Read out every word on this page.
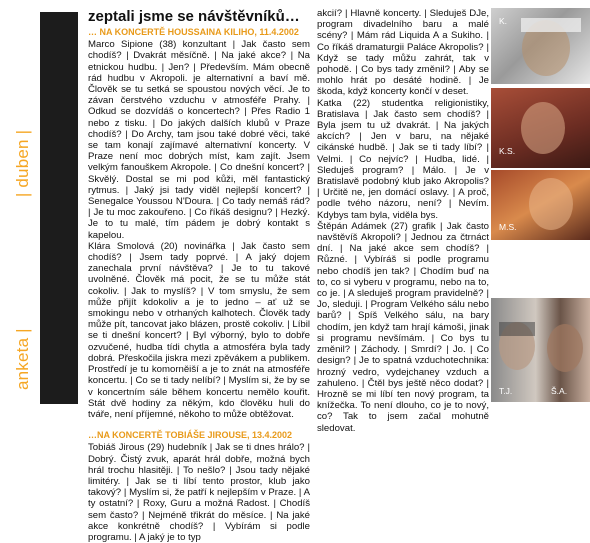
anketa | a few questions | duben | april
zeptali jsme se návštěvníků…
… NA KONCERTĚ HOUSSAINA KILIHO, 11.4.2002

Marco Sipione (38) konzultant | Jak často sem chodíš? | Dvakrát měsíčně. | Na jaké akce? | Na etnickou hudbu. | Jen? | Především. Mám obecně rád hudbu v Akropoli. je alternativní a baví mě. Člověk se tu setká se spoustou nových věcí. Je to závan čerstvého vzduchu v atmosféře Prahy. | Odkud se dozvídáš o koncertech? | Přes Radio 1 nebo z tisku. | Do jakých dalších klubů v Praze chodíš? | Do Archy, tam jsou také dobré věci, také se tam konají zajímavé alternativní koncerty. V Praze není moc dobrých míst, kam zajít. Jsem velkým fanouškem Akropole. | Co dnešní koncert? | Skvělý. Dostal se mi pod kůži, měl fantastický rytmus. | Jaký jsi tady viděl nejlepší koncert? | Senegalce Youssou N'Doura. | Co tady nemáš rád? | Je tu moc zakouřeno. | Co říkáš designu? | Hezký. Je to tu malé, tím pádem je dobrý kontakt s kapelou.
Klára Smolová (20) novinářka | Jak často sem chodíš? | Jsem tady poprvé. | A jaký dojem zanechala první návštěva? | Je to tu takové uvolněné. Člověk má pocit, že se tu může stát cokoliv. | Jak to myslíš? | V tom smyslu, že sem může přijít kdokoliv a je to jedno – ať už se smokingu nebo v otrhaných kalhotech. Člověk tady může pít, tancovat jako blázen, prostě cokoliv. | Líbil se ti dnešní koncert? | Byl výborný, bylo to dobře ozvučené, hudba tídi chytla a atmosféra byla tady dobrá. Přeskočila jiskra mezi zpěvákem a publikem. Prostředí je tu komorněiší a je to znát na atmosféře koncertu. | Co se ti tady nelíbí? | Myslím si, že by se v koncertním sále během koncertu nemělo kouřit. Stát dvě hodiny za někým, kdo člověku huli do tváře, není příjemné, někoho to může obtěžovat.

…NA KONCERTĚ TOBIÁŠE JIROUSE, 13.4.2002

Tobiáš Jirous (29) hudebník | Jak se ti dnes hrálo? | Dobrý. Čistý zvuk, aparát hrál dobře, možná bych hrál trochu hlasitěji. | To nešlo? | Jsou tady nějaké limitéry. | Jak se ti líbí tento prostor, klub jako takový? | Myslím si, že patří k nejlepším v Praze. | A ty ostatní? | Roxy, Guru a možná Radost. | Chodíš sem často? | Nejméně třikrát do měsíce. | Na jaké akce konkrétně chodíš? | Vybírám si podle programu. | A jaký je to typ

akcií? | Hlavně koncerty. | Sleduješ DJe, program divadelního baru a malé scény? | Mám rád Liquida A a Sukiho. | Co říkáš dramaturgii Paláce Akropolis? | Když se tady můžu zahrát, tak v pohodě. | Co bys tady změnil? | Aby se mohlo hrát po desáté hodině. | Je škoda, když koncerty končí v deset.
Katka (22) studentka religionistiky, Bratislava | Jak často sem chodíš? | Byla jsem tu už dvakrát. | Na jakých akcích? | Jen v baru, na nějaké cikánské hudbě. | Jak se ti tady líbí? | Velmi. | Co nejvíc? | Hudba, lidé. | Sleduješ program? | Málo. | Je v Bratislavě podobný klub jako Akropolis? | Určitě ne, jen domácí oslavy. | A proč, podle tvého názoru, není? | Nevím. Kdybys tam byla, viděla bys.
Štěpán Adámek (27) grafik | Jak často navštěvíš Akropoli? | Jednou za čtrnáct dní. | Na jaké akce sem chodíš? | Různé. | Vybíráš si podle programu nebo chodíš jen tak? | Chodím buď na to, co si vyberu v programu, nebo na to, co je. | A sleduješ program pravidelně? | Jo, sleduji. | Program Velkého sálu nebo barů? | Spíš Velkého sálu, na bary chodím, jen když tam hrají kámoši, jinak si programu nevšímám. | Co bys tu změnil? | Záchody. | Smrdí? | Jo. | Co design? | Je to spatná vzduchotechnika: hrozný vedro, vydejchaney vzduch a zahuleno. | Čtěl bys ještě něco dodat? | Hrozně se mi líbí ten nový program, ta knížečka. To není dlouho, co je to nový, co? Tak to jsem začal mohutně sledovat.

K.
K.S.
M.S.
T.J.	Š.A.
